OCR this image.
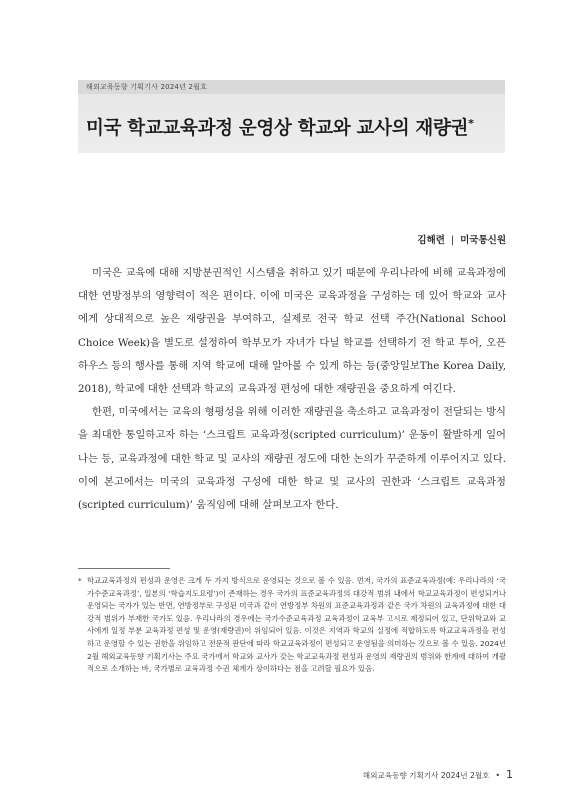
해외교육동향 기획기사 2024년 2월호
미국 학교교육과정 운영상 학교와 교사의 재량권*
김해련 | 미국통신원

미국은 교육에 대해 지방분권적인 시스템을 취하고 있기 때문에 우리나라에 비해 교육과정에 대한 연방정부의 영향력이 적은 편이다. 이에 미국은 교육과정을 구성하는 데 있어 학교와 교사에게 상대적으로 높은 재량권을 부여하고, 실제로 전국 학교 선택 주간(National School Choice Week)을 별도로 설정하여 학부모가 자녀가 다닐 학교를 선택하기 전 학교 투어, 오픈하우스 등의 행사를 통해 지역 학교에 대해 알아볼 수 있게 하는 등(중앙일보The Korea Daily, 2018), 학교에 대한 선택과 학교의 교육과정 편성에 대한 재량권을 중요하게 여긴다.

한편, 미국에서는 교육의 형평성을 위해 이러한 재량권을 축소하고 교육과정이 전달되는 방식을 최대한 통일하고자 하는 ‘스크립트 교육과정(scripted curriculum)’ 운동이 활발하게 일어나는 등, 교육과정에 대한 학교 및 교사의 재량권 정도에 대한 논의가 꾸준하게 이루어지고 있다. 이에 본고에서는 미국의 교육과정 구성에 대한 학교 및 교사의 권한과 ‘스크립트 교육과정(scripted curriculum)’ 움직임에 대해 살펴보고자 한다.

* 학교교육과정의 편성과 운영은 크게 두 가지 방식으로 운영되는 것으로 볼 수 있음. 먼저, 국가의 표준교육과정(예: 우리나라의 ‘국가수준교육과정’, 일본의 ‘학습지도요령’)이 존재하는 경우 국가의 표준교육과정의 대강적 범위 내에서 학교교육과정이 편성되거나 운영되는 국가가 있는 반면, 연방정부로 구성된 미국과 같이 연방정부 차원의 표준교육과정과 같은 국가 차원의 교육과정에 대한 대강적 범위가 부재한 국가도 있음. 우리나라의 경우에는 국가수준교육과정 교육과정이 교육부 고시로 제정되어 있고, 단위학교와 교사에게 일정 부분 교육과정 편성 및 운영(재량권)이 위임되어 있음. 이것은 지역과 학교의 실정에 적합하도록 학교교육과정을 편성하고 운영할 수 있는 권한을 위임하고 전문적 판단에 따라 학교교육과정이 편성되고 운영됨을 의미하는 것으로 볼 수 있음. 2024년 2월 해외교육동향 기획기사는 주요 국가에서 학교와 교사가 갖는 학교교육과정 편성과 운영의 재량권의 범위와 한계에 대하여 개괄적으로 소개하는 바, 국가별로 교육과정 수권 체계가 상이하다는 점을 고려할 필요가 있음.
해외교육동향 기획기사 2024년 2월호 • 1
